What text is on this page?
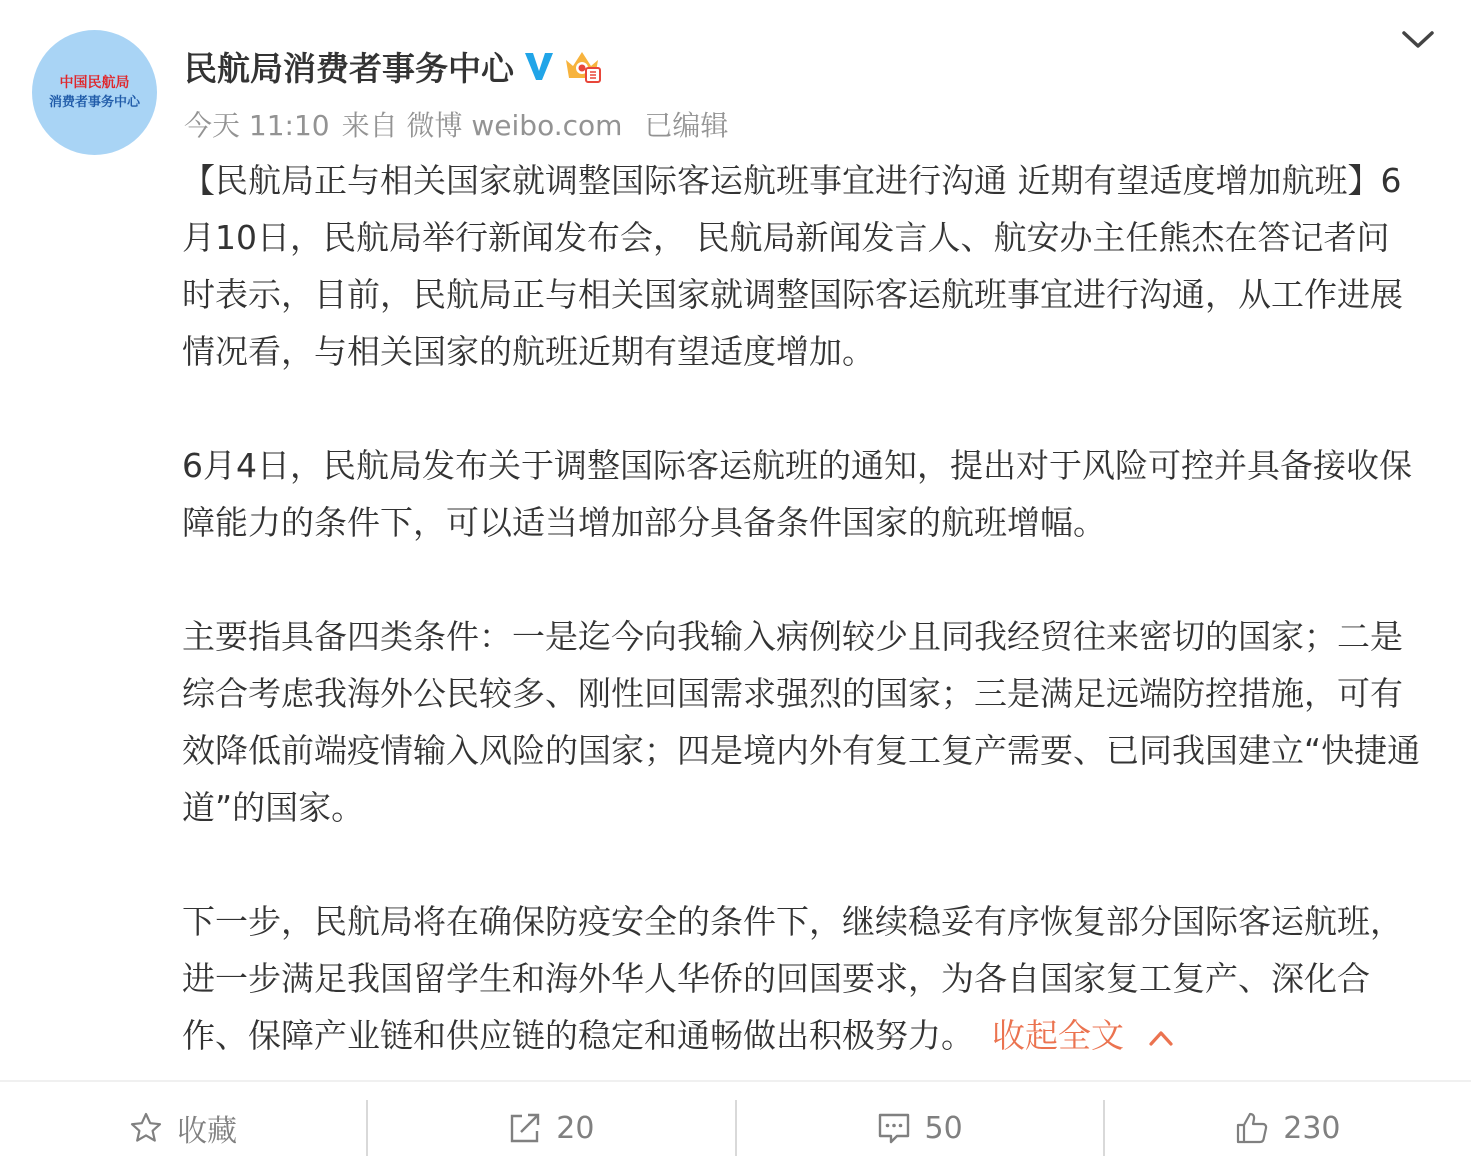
中国民航局
消费者事务中心
民航局消费者事务中心
今天 11:10 来自 微博 weibo.com 已编辑

【民航局正与相关国家就调整国际客运航班事宜进行沟通 近期有望适度增加航班】6月10日，民航局举行新闻发布会， 民航局新闻发言人、航安办主任熊杰在答记者问时表示，目前，民航局正与相关国家就调整国际客运航班事宜进行沟通，从工作进展情况看，与相关国家的航班近期有望适度增加。

6月4日，民航局发布关于调整国际客运航班的通知，提出对于风险可控并具备接收保障能力的条件下，可以适当增加部分具备条件国家的航班增幅。

主要指具备四类条件：一是迄今向我输入病例较少且同我经贸往来密切的国家；二是综合考虑我海外公民较多、刚性回国需求强烈的国家；三是满足远端防控措施，可有效降低前端疫情输入风险的国家；四是境内外有复工复产需要、已同我国建立“快捷通道”的国家。

下一步，民航局将在确保防疫安全的条件下，继续稳妥有序恢复部分国际客运航班，进一步满足我国留学生和海外华人华侨的回国要求，为各自国家复工复产、深化合作、保障产业链和供应链的稳定和通畅做出积极努力。 收起全文

收藏	20	50	230
